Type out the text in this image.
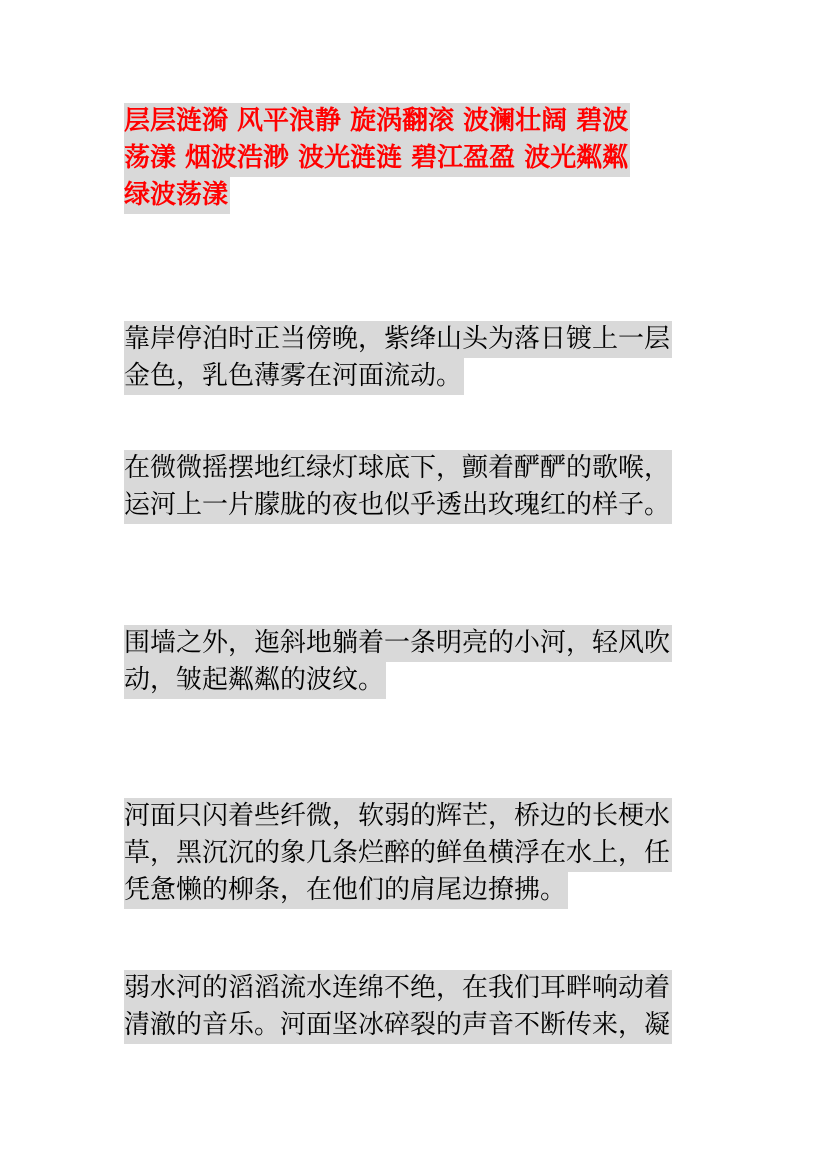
层层涟漪 风平浪静 旋涡翻滚 波澜壮阔 碧波
荡漾 烟波浩渺 波光涟涟 碧江盈盈 波光粼粼
绿波荡漾
靠岸停泊时正当傍晚，紫绛山头为落日镀上一层
金色，乳色薄雾在河面流动。
在微微摇摆地红绿灯球底下，颤着酽酽的歌喉，
运河上一片朦胧的夜也似乎透出玫瑰红的样子。
围墙之外，迤斜地躺着一条明亮的小河，轻风吹
动，皱起粼粼的波纹。
河面只闪着些纤微，软弱的辉芒，桥边的长梗水
草，黑沉沉的象几条烂醉的鲜鱼横浮在水上，任
凭惫懒的柳条，在他们的肩尾边撩拂。
弱水河的滔滔流水连绵不绝，在我们耳畔响动着
清澈的音乐。河面坚冰碎裂的声音不断传来，凝
